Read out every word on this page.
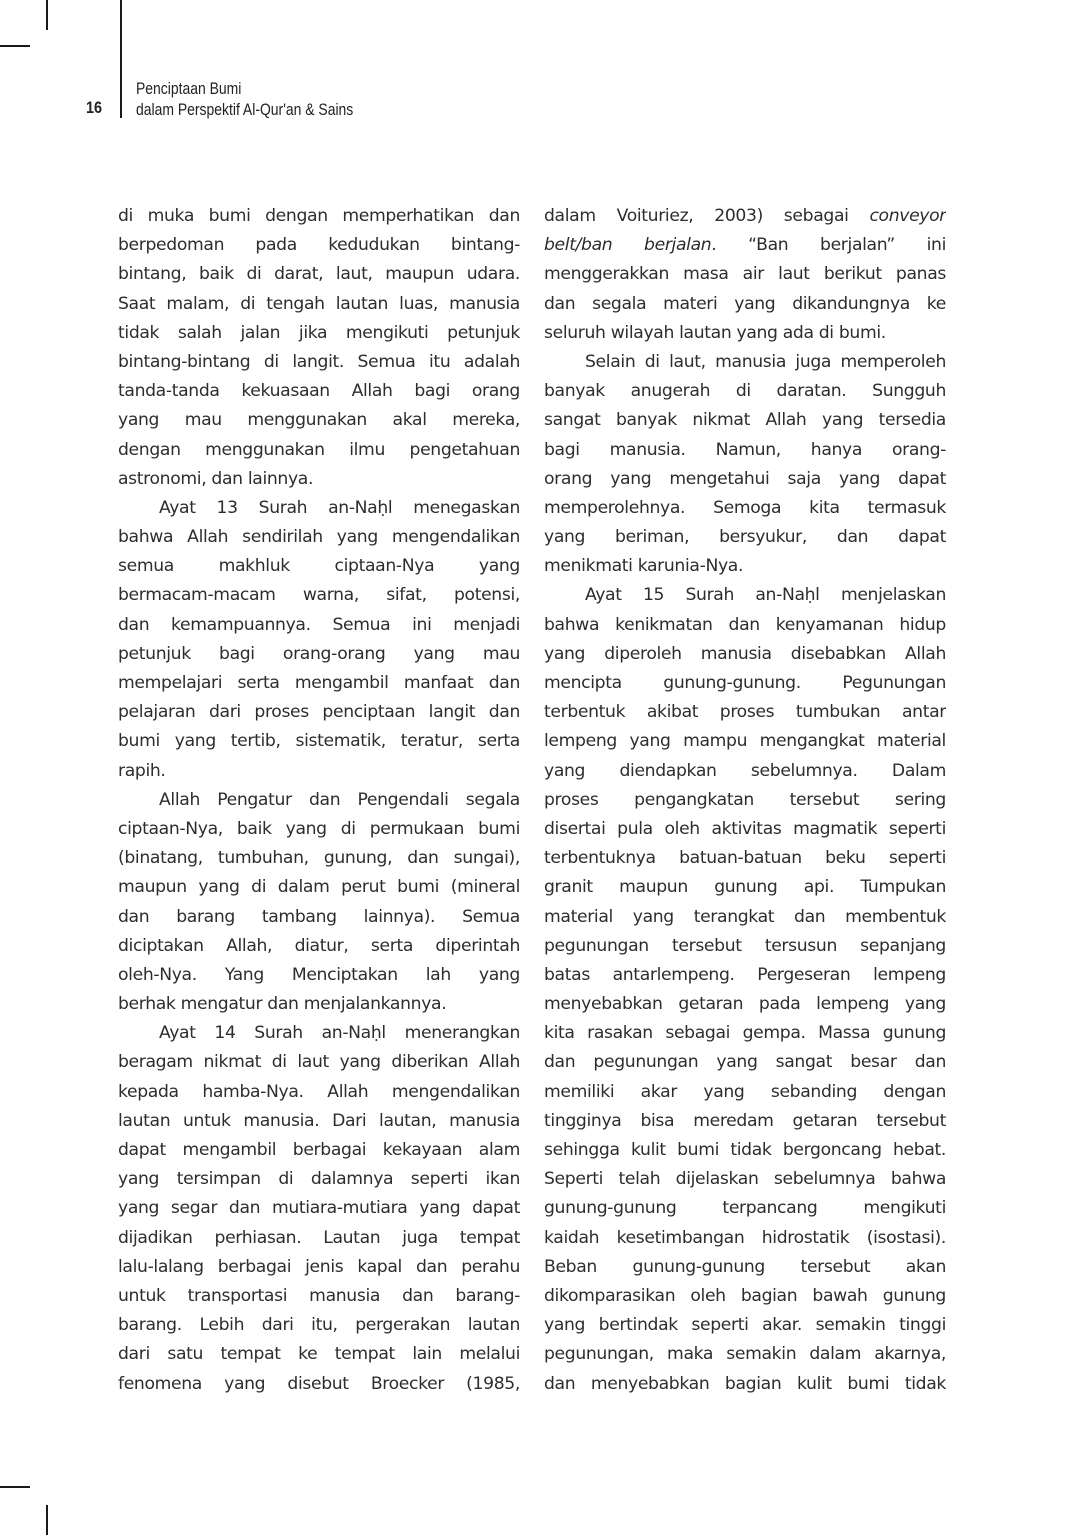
16
Penciptaan Bumi
dalam Perspektif Al-Qur'an & Sains
di muka bumi dengan memperhatikan dan
berpedoman pada kedudukan bintang-
bintang, baik di darat, laut, maupun udara.
Saat malam, di tengah lautan luas, manusia
tidak salah jalan jika mengikuti petunjuk
bintang-bintang di langit. Semua itu adalah
tanda-tanda kekuasaan Allah bagi orang
yang mau menggunakan akal mereka,
dengan menggunakan ilmu pengetahuan
astronomi, dan lainnya.
Ayat 13 Surah an-Naḥl menegaskan
bahwa Allah sendirilah yang mengendalikan
semua makhluk ciptaan-Nya yang
bermacam-macam warna, sifat, potensi,
dan kemampuannya. Semua ini menjadi
petunjuk bagi orang-orang yang mau
mempelajari serta mengambil manfaat dan
pelajaran dari proses penciptaan langit dan
bumi yang tertib, sistematik, teratur, serta
rapih.
Allah Pengatur dan Pengendali segala
ciptaan-Nya, baik yang di permukaan bumi
(binatang, tumbuhan, gunung, dan sungai),
maupun yang di dalam perut bumi (mineral
dan barang tambang lainnya). Semua
diciptakan Allah, diatur, serta diperintah
oleh-Nya. Yang Menciptakan lah yang
berhak mengatur dan menjalankannya.
Ayat 14 Surah an-Naḥl menerangkan
beragam nikmat di laut yang diberikan Allah
kepada hamba-Nya. Allah mengendalikan
lautan untuk manusia. Dari lautan, manusia
dapat mengambil berbagai kekayaan alam
yang tersimpan di dalamnya seperti ikan
yang segar dan mutiara-mutiara yang dapat
dijadikan perhiasan. Lautan juga tempat
lalu-lalang berbagai jenis kapal dan perahu
untuk transportasi manusia dan barang-
barang. Lebih dari itu, pergerakan lautan
dari satu tempat ke tempat lain melalui
fenomena yang disebut Broecker (1985,
dalam Voituriez, 2003) sebagai conveyor
belt/ban berjalan. “Ban berjalan” ini
menggerakkan masa air laut berikut panas
dan segala materi yang dikandungnya ke
seluruh wilayah lautan yang ada di bumi.
Selain di laut, manusia juga memperoleh
banyak anugerah di daratan. Sungguh
sangat banyak nikmat Allah yang tersedia
bagi manusia. Namun, hanya orang-
orang yang mengetahui saja yang dapat
memperolehnya. Semoga kita termasuk
yang beriman, bersyukur, dan dapat
menikmati karunia-Nya.
Ayat 15 Surah an-Naḥl menjelaskan
bahwa kenikmatan dan kenyamanan hidup
yang diperoleh manusia disebabkan Allah
mencipta gunung-gunung. Pegunungan
terbentuk akibat proses tumbukan antar
lempeng yang mampu mengangkat material
yang diendapkan sebelumnya. Dalam
proses pengangkatan tersebut sering
disertai pula oleh aktivitas magmatik seperti
terbentuknya batuan-batuan beku seperti
granit maupun gunung api. Tumpukan
material yang terangkat dan membentuk
pegunungan tersebut tersusun sepanjang
batas antarlempeng. Pergeseran lempeng
menyebabkan getaran pada lempeng yang
kita rasakan sebagai gempa. Massa gunung
dan pegunungan yang sangat besar dan
memiliki akar yang sebanding dengan
tingginya bisa meredam getaran tersebut
sehingga kulit bumi tidak bergoncang hebat.
Seperti telah dijelaskan sebelumnya bahwa
gunung-gunung terpancang mengikuti
kaidah kesetimbangan hidrostatik (isostasi).
Beban gunung-gunung tersebut akan
dikomparasikan oleh bagian bawah gunung
yang bertindak seperti akar. semakin tinggi
pegunungan, maka semakin dalam akarnya,
dan menyebabkan bagian kulit bumi tidak
